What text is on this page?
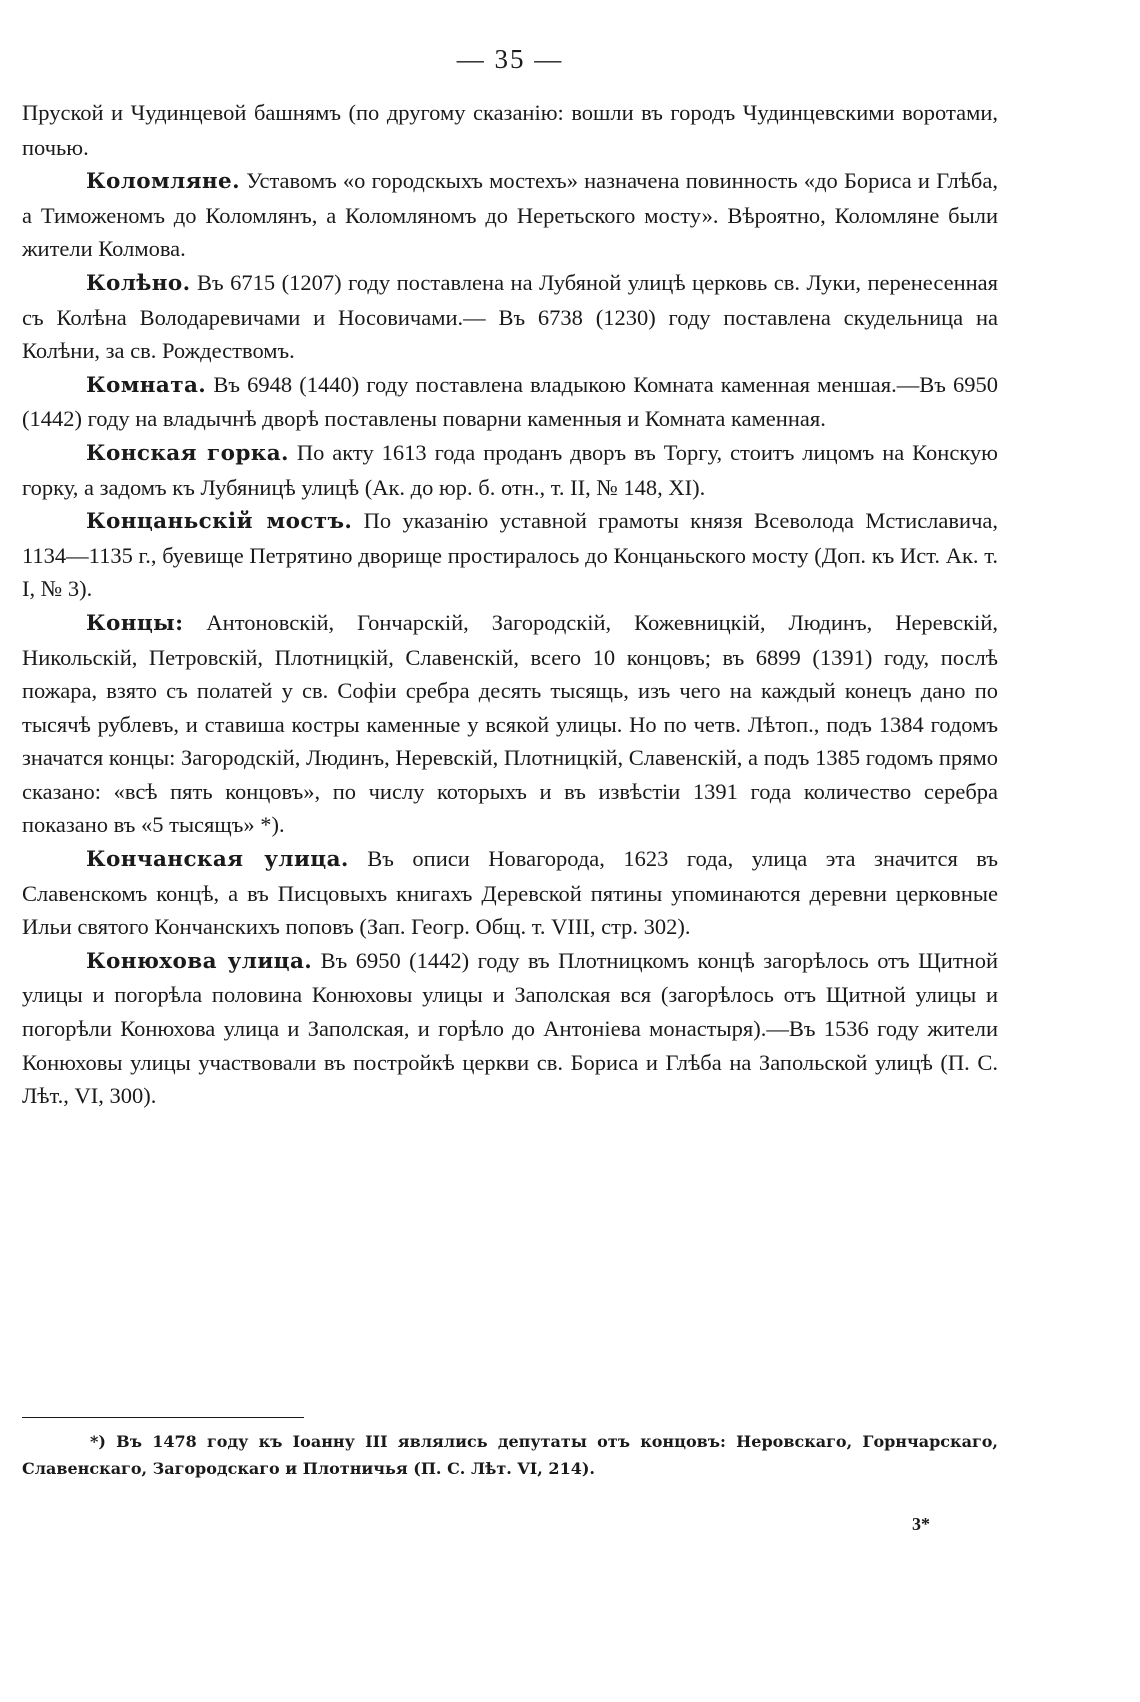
— 35 —

Пруской и Чудинцевой башнямъ (по другому сказанію: вошли въ городъ Чудинцевскими воротами, почью.

Коломляне. Уставомъ «о городскыхъ мостехъ» назначена повинность «до Бориса и Глѣба, а Тиможеномъ до Коломлянъ, а Коломляномъ до Неретьского мосту». Вѣроятно, Коломляне были жители Колмова.

Колѣно. Въ 6715 (1207) году поставлена на Лубяной улицѣ церковь св. Луки, перенесенная съ Колѣна Володаревичами и Носовичами.— Въ 6738 (1230) году поставлена скудельница на Колѣни, за св. Рождествомъ.

Комната. Въ 6948 (1440) году поставлена владыкою Комната каменная меншая.—Въ 6950 (1442) году на владычнѣ дворѣ поставлены поварни каменныя и Комната каменная.

Конская горка. По акту 1613 года проданъ дворъ въ Торгу, стоитъ лицомъ на Конскую горку, а задомъ къ Лубяницѣ улицѣ (Ак. до юр. б. отн., т. II, № 148, XI).

Концаньскій мостъ. По указанію уставной грамоты князя Всеволода Мстиславича, 1134—1135 г., буевище Петрятино дворище простиралось до Концаньского мосту (Доп. къ Ист. Ак. т. I, № 3).

Концы: Антоновскій, Гончарскій, Загородскій, Кожевницкій, Людинъ, Неревскій, Никольскій, Петровскій, Плотницкій, Славенскій, всего 10 концовъ; въ 6899 (1391) году, послѣ пожара, взято съ полатей у св. Софіи сребра десять тысящь, изъ чего на каждый конецъ дано по тысячѣ рублевъ, и ставиша костры каменные у всякой улицы. Но по четв. Лѣтоп., подъ 1384 годомъ значатся концы: Загородскій, Людинъ, Неревскій, Плотницкій, Славенскій, а подъ 1385 годомъ прямо сказано: «всѣ пять концовъ», по числу которыхъ и въ извѣстіи 1391 года количество серебра показано въ «5 тысящъ» *).

Кончанская улица. Въ описи Новагорода, 1623 года, улица эта значится въ Славенскомъ концѣ, а въ Писцовыхъ книгахъ Деревской пятины упоминаются деревни церковные Ильи святого Кончанскихъ поповъ (Зап. Геогр. Общ. т. VIII, стр. 302).

Конюхова улица. Въ 6950 (1442) году въ Плотницкомъ концѣ загорѣлось отъ Щитной улицы и погорѣла половина Конюховы улицы и Заполская вся (загорѣлось отъ Щитной улицы и погорѣли Конюхова улица и Заполская, и горѣло до Антоніева монастыря).—Въ 1536 году жители Конюховы улицы участвовали въ постройкѣ церкви св. Бориса и Глѣба на Запольской улицѣ (П. С. Лѣт., VI, 300).

*) Въ 1478 году къ Іоанну III являлись депутаты отъ концовъ: Неровскаго, Горнчарскаго, Славенскаго, Загородскаго и Плотничья (П. С. Лѣт. VI, 214).
3*
